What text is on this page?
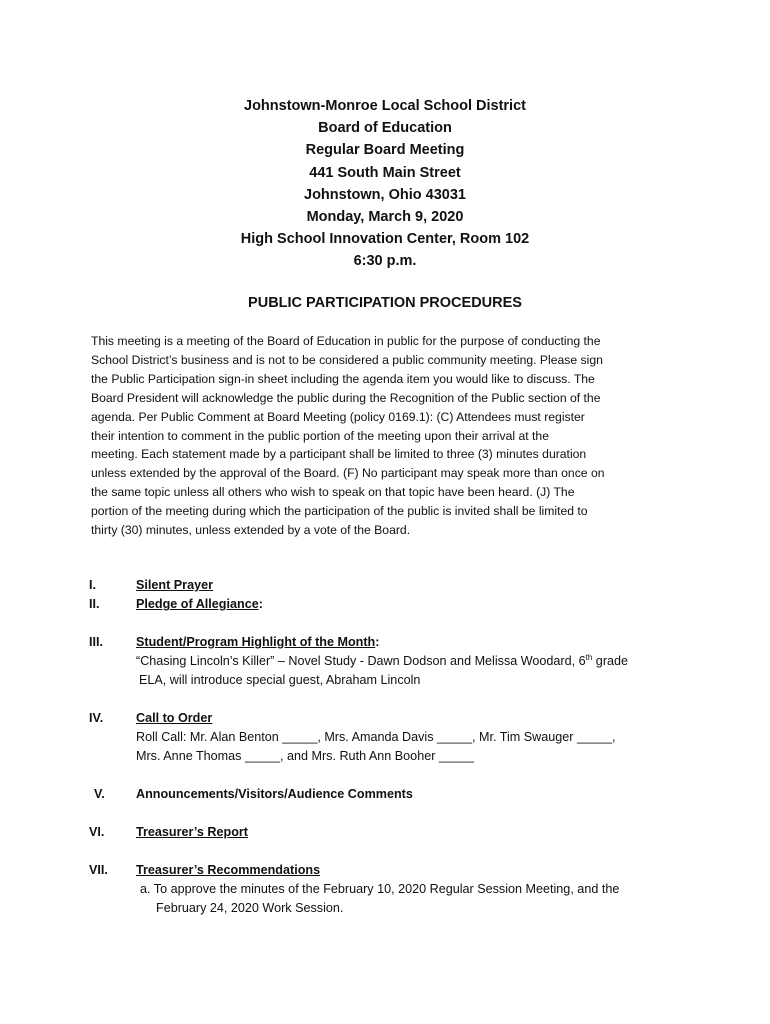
Johnstown-Monroe Local School District
Board of Education
Regular Board Meeting
441 South Main Street
Johnstown, Ohio 43031
Monday, March 9, 2020
High School Innovation Center, Room 102
6:30 p.m.
PUBLIC PARTICIPATION PROCEDURES
This meeting is a meeting of the Board of Education in public for the purpose of conducting the
School District’s business and is not to be considered a public community meeting. Please sign
the Public Participation sign-in sheet including the agenda item you would like to discuss. The
Board President will acknowledge the public during the Recognition of the Public section of the
agenda. Per Public Comment at Board Meeting (policy 0169.1): (C) Attendees must register
their intention to comment in the public portion of the meeting upon their arrival at the
meeting. Each statement made by a participant shall be limited to three (3) minutes duration
unless extended by the approval of the Board. (F) No participant may speak more than once on
the same topic unless all others who wish to speak on that topic have been heard. (J) The
portion of the meeting during which the participation of the public is invited shall be limited to
thirty (30) minutes, unless extended by a vote of the Board.
I.	Silent Prayer
II.	Pledge of Allegiance:
III.	Student/Program Highlight of the Month:
“Chasing Lincoln’s Killer” – Novel Study - Dawn Dodson and Melissa Woodard, 6th grade
ELA, will introduce special guest, Abraham Lincoln
IV.	Call to Order
Roll Call: Mr. Alan Benton _____, Mrs. Amanda Davis _____, Mr. Tim Swauger _____,
Mrs. Anne Thomas _____, and Mrs. Ruth Ann Booher _____
V. Announcements/Visitors/Audience Comments
VI.	Treasurer’s Report
VII. Treasurer’s Recommendations
a. To approve the minutes of the February 10, 2020 Regular Session Meeting, and the
February 24, 2020 Work Session.
